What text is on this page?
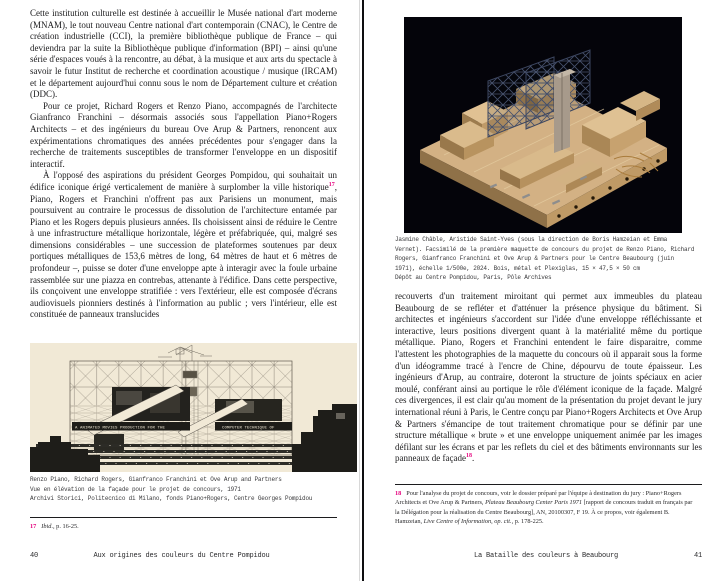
Cette institution culturelle est destinée à accueillir le Musée national d'art moderne (MNAM), le tout nouveau Centre national d'art contemporain (CNAC), le Centre de création industrielle (CCI), la première bibliothèque publique de France – qui deviendra par la suite la Bibliothèque publique d'information (BPI) – ainsi qu'une série d'espaces voués à la rencontre, au débat, à la musique et aux arts du spectacle à savoir le futur Institut de recherche et coordination acoustique / musique (IRCAM) et le département aujourd'hui connu sous le nom de Département culture et création (DDC).

Pour ce projet, Richard Rogers et Renzo Piano, accompagnés de l'architecte Gianfranco Franchini – désormais associés sous l'appellation Piano+Rogers Architects – et des ingénieurs du bureau Ove Arup & Partners, renoncent aux expérimentations chromatiques des années précédentes pour s'engager dans la recherche de traitements susceptibles de transformer l'enveloppe en un dispositif interactif.

À l'opposé des aspirations du président Georges Pompidou, qui souhaitait un édifice iconique érigé verticalement de manière à surplomber la ville historique$^{17}$, Piano, Rogers et Franchini n'offrent pas aux Parisiens un monument, mais poursuivent au contraire le processus de dissolution de l'architecture entamée par Piano et les Rogers depuis plusieurs années. Ils choisissent ainsi de réduire le Centre à une infrastructure métallique horizontale, légère et préfabriquée, qui, malgré ses dimensions considérables – une succession de plateformes soutenues par deux portiques métalliques de 153,6 mètres de long, 64 mètres de haut et 6 mètres de profondeur –, puisse se doter d'une enveloppe apte à interagir avec la foule urbaine rassemblée sur une piazza en contrebas, attenante à l'édifice. Dans cette perspective, ils conçoivent une enveloppe stratifiée : vers l'extérieur, elle est composée d'écrans audiovisuels pionniers destinés à l'information au public ; vers l'intérieur, elle est constituée de panneaux translucides

A ANIMATED MOVIES PRODUCTION FOR THE	COMPUTER TECHNIQUE OF
Renzo Piano, Richard Rogers, Gianfranco Franchini et Ove Arup and Partners
Vue en élévation de la façade pour le projet de concours, 1971
Archivi Storici, Politecnico di Milano, fonds Piano+Rogers, Centre Georges Pompidou
17 Ibid., p. 16-25.
Aux origines des couleurs du Centre Pompidou
40
Jasmine Châble, Aristide Saint-Yves (sous la direction de Boris Hamzeian et Emma Vernet). Facsimilé de la première maquette de concours du projet de Renzo Piano, Richard Rogers, Gianfranco Franchini et Ove Arup & Partners pour le Centre Beaubourg (juin 1971), échelle 1/500e, 2024. Bois, métal et Plexiglas, 15 × 47,5 × 50 cm
Dépôt au Centre Pompidou, Paris, Pôle Archives

recouverts d'un traitement miroitant qui permet aux immeubles du plateau Beaubourg de se refléter et d'atténuer la présence physique du bâtiment. Si architectes et ingénieurs s'accordent sur l'idée d'une enveloppe réfléchissante et interactive, leurs positions divergent quant à la matérialité même du portique métallique. Piano, Rogers et Franchini entendent le faire disparaitre, comme l'attestent les photographies de la maquette du concours où il apparait sous la forme d'un idéogramme tracé à l'encre de Chine, dépourvu de toute épaisseur. Les ingénieurs d'Arup, au contraire, doteront la structure de joints spéciaux en acier moulé, conférant ainsi au portique le rôle d'élément iconique de la façade. Malgré ces divergences, il est clair qu'au moment de la présentation du projet devant le jury international réuni à Paris, le Centre conçu par Piano+Rogers Architects et Ove Arup & Partners s'émancipe de tout traitement chromatique pour se définir par une structure métallique « brute » et une enveloppe uniquement animée par les images défilant sur les écrans et par les reflets du ciel et des bâtiments environnants sur les panneaux de façade$^{18}$.

18 Pour l'analyse du projet de concours, voir le dossier préparé par l'équipe à destination du jury : Piano+Rogers Architects et Ove Arup & Partners, Plateau Beaubourg Center Paris 1971 [rapport de concours traduit en français par la Délégation pour la réalisation du Centre Beaubourg], AN, 20100307, F 19. À ce propos, voir également B. Hamzeian, Live Centre of Information, op. cit., p. 178-225.
La Bataille des couleurs à Beaubourg	41
